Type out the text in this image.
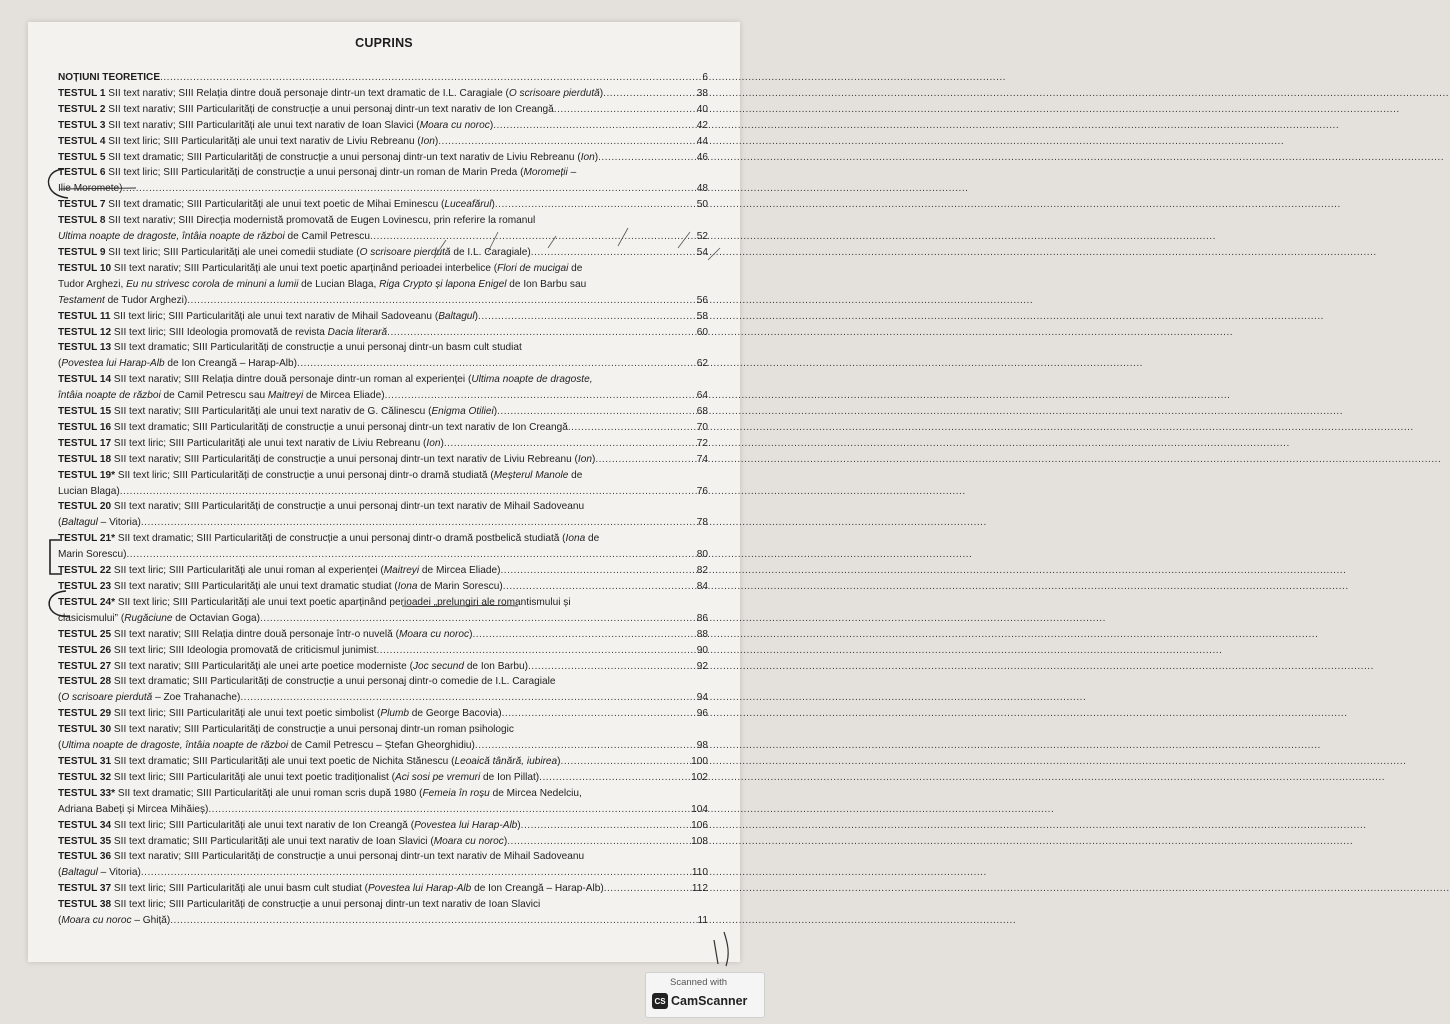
CUPRINS
NOȚIUNI TEORETICE .....	6
TESTUL 1 SII text narativ; SIII Relația dintre două personaje dintr-un text dramatic de I.L. Caragiale (O scrisoare pierdută) .....	38
TESTUL 2 SII text narativ; SIII Particularități de construcție a unui personaj dintr-un text narativ de Ion Creangă .....	40
TESTUL 3 SII text narativ; SIII Particularități ale unui text narativ de Ioan Slavici (Moara cu noroc) .....	42
TESTUL 4 SII text liric; SIII Particularități ale unui text narativ de Liviu Rebreanu (Ion) .....	44
TESTUL 5 SII text dramatic; SIII Particularități de construcție a unui personaj dintr-un text narativ de Liviu Rebreanu (Ion) .....	46
TESTUL 6 SII text liric; SIII Particularități de construcție a unui personaj dintr-un roman de Marin Preda (Moromeții –
Ilie Moromete) .....	48
TESTUL 7 SII text dramatic; SIII Particularități ale unui text poetic de Mihai Eminescu (Luceafărul) .....	50
TESTUL 8 SII text narativ; SIII Direcția modernistă promovată de Eugen Lovinescu, prin referire la romanul
Ultima noapte de dragoste, întâia noapte de război de Camil Petrescu .....	52
TESTUL 9 SII text liric; SIII Particularități ale unei comedii studiate (O scrisoare pierdută de I.L. Caragiale) .....	54
TESTUL 10 SII text narativ; SIII Particularități ale unui text poetic aparținând perioadei interbelice (Flori de mucigai de
Tudor Arghezi, Eu nu strivesc corola de minuni a lumii de Lucian Blaga, Riga Crypto și lapona Enigel de Ion Barbu sau
Testament de Tudor Arghezi) .....	56
TESTUL 11 SII text liric; SIII Particularități ale unui text narativ de Mihail Sadoveanu (Baltagul) .....	58
TESTUL 12 SII text liric; SIII Ideologia promovată de revista Dacia literară .....	60
TESTUL 13 SII text dramatic; SIII Particularități de construcție a unui personaj dintr-un basm cult studiat
(Povestea lui Harap-Alb de Ion Creangă – Harap-Alb) .....	62
TESTUL 14 SII text narativ; SIII Relația dintre două personaje dintr-un roman al experienței (Ultima noapte de dragoste,
întâia noapte de război de Camil Petrescu sau Maitreyi de Mircea Eliade) .....	64
TESTUL 15 SII text narativ; SIII Particularități ale unui text narativ de G. Călinescu (Enigma Otiliei) .....	68
TESTUL 16 SII text dramatic; SIII Particularități de construcție a unui personaj dintr-un text narativ de Ion Creangă .....	70
TESTUL 17 SII text liric; SIII Particularități ale unui text narativ de Liviu Rebreanu (Ion) .....	72
TESTUL 18 SII text narativ; SIII Particularități de construcție a unui personaj dintr-un text narativ de Liviu Rebreanu (Ion) .....	74
TESTUL 19* SII text liric; SIII Particularități de construcție a unui personaj dintr-o dramă studiată (Meșterul Manole de
Lucian Blaga) .....	76
TESTUL 20 SII text narativ; SIII Particularități de construcție a unui personaj dintr-un text narativ de Mihail Sadoveanu
(Baltagul – Vitoria) .....	78
TESTUL 21* SII text dramatic; SIII Particularități de construcție a unui personaj dintr-o dramă postbelică studiată (Iona de
Marin Sorescu) .....	80
TESTUL 22 SII text liric; SIII Particularități ale unui roman al experienței (Maitreyi de Mircea Eliade) .....	82
TESTUL 23 SII text narativ; SIII Particularități ale unui text dramatic studiat (Iona de Marin Sorescu) .....	84
TESTUL 24* SII text liric; SIII Particularități ale unui text poetic aparținând perioadei „prelungiri ale romantismului și
clasicismului” (Rugăciune de Octavian Goga) .....	86
TESTUL 25 SII text narativ; SIII Relația dintre două personaje într-o nuvelă (Moara cu noroc) .....	88
TESTUL 26 SII text liric; SIII Ideologia promovată de criticismul junimist .....	90
TESTUL 27 SII text narativ; SIII Particularități ale unei arte poetice moderniste (Joc secund de Ion Barbu) .....	92
TESTUL 28 SII text dramatic; SIII Particularități de construcție a unui personaj dintr-o comedie de I.L. Caragiale
(O scrisoare pierdută – Zoe Trahanache) .....	94
TESTUL 29 SII text liric; SIII Particularități ale unui text poetic simbolist (Plumb de George Bacovia) .....	96
TESTUL 30 SII text narativ; SIII Particularități de construcție a unui personaj dintr-un roman psihologic
(Ultima noapte de dragoste, întâia noapte de război de Camil Petrescu – Ștefan Gheorghidiu) .....	98
TESTUL 31 SII text dramatic; SIII Particularități ale unui text poetic de Nichita Stănescu (Leoaică tânără, iubirea) .....	100
TESTUL 32 SII text liric; SIII Particularități ale unui text poetic tradiționalist (Aci sosi pe vremuri de Ion Pillat) .....	102
TESTUL 33* SII text dramatic; SIII Particularități ale unui roman scris după 1980 (Femeia în roșu de Mircea Nedelciu,
Adriana Babeți și Mircea Mihăieș) .....	104
TESTUL 34 SII text liric; SIII Particularități ale unui text narativ de Ion Creangă (Povestea lui Harap-Alb) .....	106
TESTUL 35 SII text dramatic; SIII Particularități ale unui text narativ de Ioan Slavici (Moara cu noroc) .....	108
TESTUL 36 SII text narativ; SIII Particularități de construcție a unui personaj dintr-un text narativ de Mihail Sadoveanu
(Baltagul – Vitoria) .....	110
TESTUL 37 SII text liric; SIII Particularități ale unui basm cult studiat (Povestea lui Harap-Alb de Ion Creangă – Harap-Alb) .....	112
TESTUL 38 SII text liric; SIII Particularități de construcție a unui personaj dintr-un text narativ de Ioan Slavici
(Moara cu noroc – Ghiță) .....	11
Scanned with
CS CamScanner
